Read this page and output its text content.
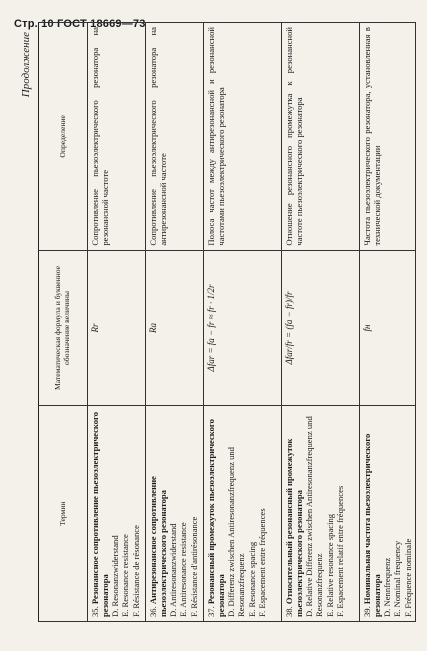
Стр. 10 ГОСТ 18669—73
Продолжение
Термин	Математическая формула и буквенное обозначение величины	Определение
35. Резонансное сопротивление пьезоэлектрического резонатора
D. Resonanzwiderstand
E. Resonance resistance
F. Résistance de résonance	Rr	Сопротивление пьезоэлектрического резонатора на резонансной частоте
36. Антирезонансное сопротивление пьезоэлектрического резонатора
D. Antiresonanzwiderstand
E. Antiresonance resistance
F. Résistance d'antirésonance	Ra	Сопротивление пьезоэлектрического резонатора на антирезонансной частоте
37. Резонансный промежуток пьезоэлектрического резонатора
D. Differenz zwischen Antiresonanzfrequenz und Resonanzfrequenz
E. Resonance spacing
F. Espacement entre fréquences	Δfar = fa − fr ≈ fr · 1/2r	Полоса частот между антирезонансной и резонансной частотами пьезоэлектрического резонатора
38. Относительный резонансный промежуток пьезоэлектрического резонатора
D. Relative Differenz zwischen Antiresonanzfrequenz und Resonanzfrequenz
E. Relative resonance spacing
F. Espacement relatif entre fréquences	Δfar/fr = (fa − fr)/fr	Отношение резонансного промежутка к резонансной частоте пьезоэлектрического резонатора
39. Номинальная частота пьезоэлектрического резонатора
D. Nennfrequenz
E. Nominal frequency
F. Fréquence nominale	fн	Частота пьезоэлектрического резонатора, установленная в технической документации
